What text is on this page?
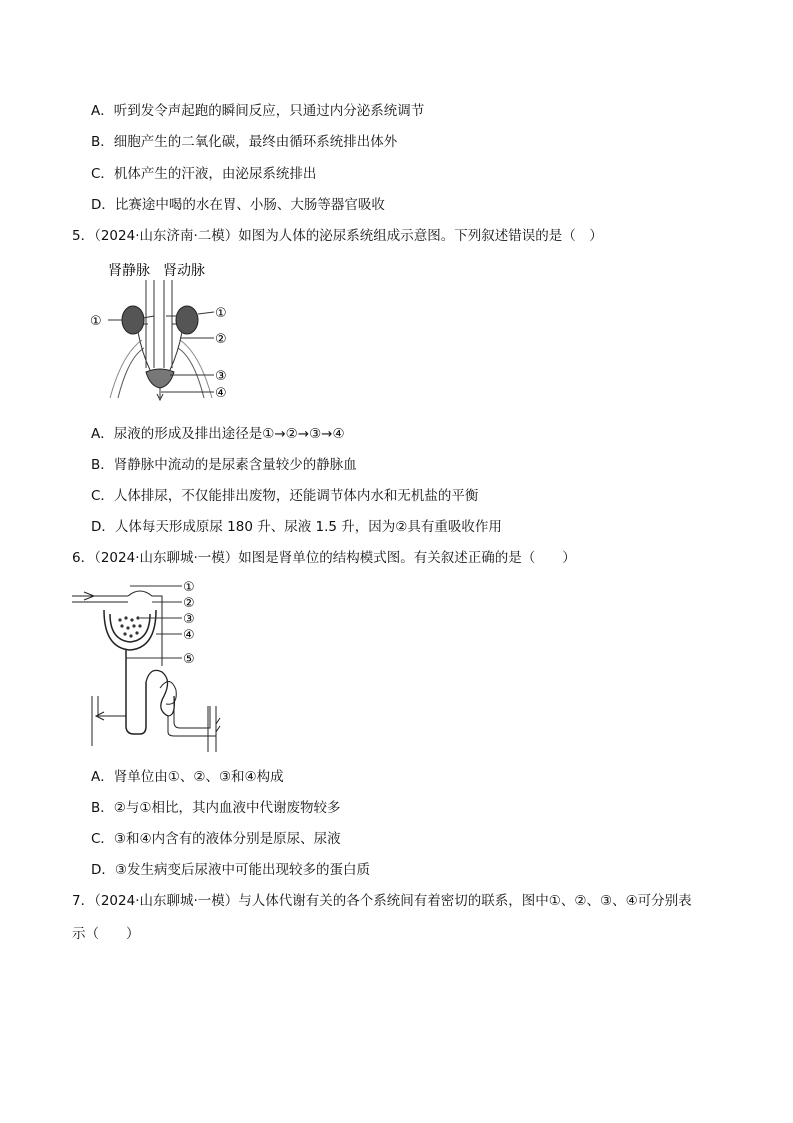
A．听到发令声起跑的瞬间反应，只通过内分泌系统调节
B．细胞产生的二氧化碳，最终由循环系统排出体外
C．机体产生的汗液，由泌尿系统排出
D．比赛途中喝的水在胃、小肠、大肠等器官吸收
5．（2024·山东济南·二模）如图为人体的泌尿系统组成示意图。下列叙述错误的是（　）
肾静脉 肾动脉
①
①
②
③
④
A．尿液的形成及排出途径是①→②→③→④
B．肾静脉中流动的是尿素含量较少的静脉血
C．人体排尿，不仅能排出废物，还能调节体内水和无机盐的平衡
D．人体每天形成原尿 180 升、尿液 1.5 升，因为②具有重吸收作用
6．（2024·山东聊城·一模）如图是肾单位的结构模式图。有关叙述正确的是（　　）
①
②
③
④
⑤
A．肾单位由①、②、③和④构成
B．②与①相比，其内血液中代谢废物较多
C．③和④内含有的液体分别是原尿、尿液
D．③发生病变后尿液中可能出现较多的蛋白质
7．（2024·山东聊城·一模）与人体代谢有关的各个系统间有着密切的联系，图中①、②、③、④可分别表
示（　　）
